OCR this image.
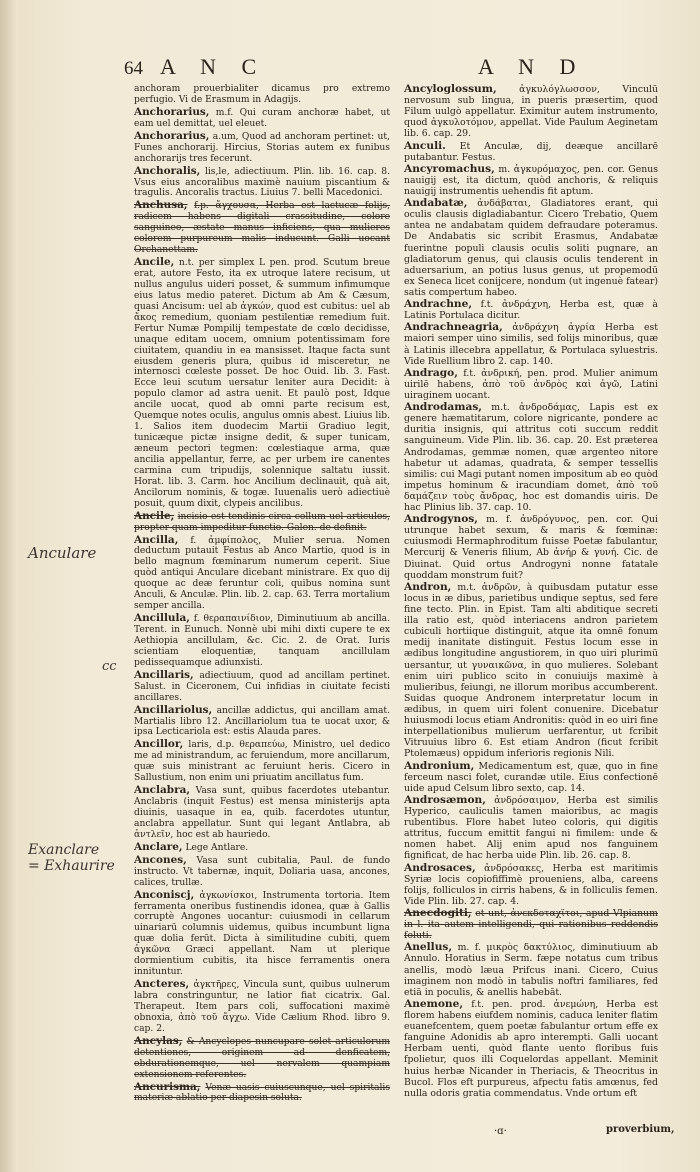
64 A N C	A N D
anchoram prouerbialiter dicamus pro extremo perfugio. Vi de Erasmum in Adagijs.
Anchorarius, m.f. Qui curam anchoræ habet, ut eam uel demittat, uel eleuet.
Anchorarius, a.um, Quod ad anchoram pertinet: ut, Funes anchorarij. Hircius, Storias autem ex funibus anchorarijs tres fecerunt.
Anchoralis, lis,le, adiectiuum. Plin. lib. 16. cap. 8. Vsus eius ancoralibus maximè nauium piscantium & tragulis. Ancoralis tractus. Liuius 7. belli Macedonici.
Anchusa, f.p. ἄγχουσα, Herba est lactucæ folijs, radicem habens digitali crassitudine, colore sanguineo, æstate manus inficiens, qua mulieres colorem purpureum malis inducunt. Galli uocant Orchanettam.
Ancile, n.t. per simplex L pen. prod. Scutum breue erat, autore Festo, ita ex utroque latere recisum, ut nullus angulus uideri posset, & summum infimumque eius latus medio pateret. Dictum ab Am & Cæsum, quasi Ancisum: uel ab ἀγκών, quod est cubitus: uel ab ἄκος remedium, quoniam pestilentiæ remedium fuit. Fertur Numæ Pompilij tempestate de cœlo decidisse, unaque editam uocem, omnium potentissimam fore ciuitatem, quandiu in ea mansisset. Itaque facta sunt eiusdem generis plura, quibus id misceretur, ne internosci cœleste posset. De hoc Ouid. lib. 3. Fast. Ecce leui scutum uersatur leniter aura Decidit: à populo clamor ad astra uenit. Et paulò post, Idque ancile uocat, quod ab omni parte recisum est, Quemque notes oculis, angulus omnis abest. Liuius lib. 1. Salios item duodecim Martii Gradiuo legit, tunicæque pictæ insigne dedit, & super tunicam, æneum pectori tegmen: cœlestiaque arma, quæ ancilia appellantur, ferre, ac per urbem ire canentes carmina cum tripudijs, solennique saltatu iussit. Horat. lib. 3. Carm. hoc Ancilium declinauit, quà ait, Ancilorum nominis, & togæ. Iuuenalis uerò adiectiuè posuit, quum dixit, clypeis ancilibus.
Ancile, incisio est tendinis circa collum uel articulos, propter quam impeditur functio. Galen. de definit.
Ancilla, f. ἀμφίπολος, Mulier serua. Nomen deductum putauit Festus ab Anco Martio, quod is in bello magnum fœminarum numerum ceperit. Siue quòd antiqui Anculare dicebant ministrare. Ex quo dij quoque ac deæ feruntur coli, quibus nomina sunt Anculi, & Anculæ. Plin. lib. 2. cap. 63. Terra mortalium semper ancilla.
Ancillula, f. θεραπαινίδιον, Diminutiuum ab ancilla. Terent. in Eunuch. Nonnè ubi mihi dixti cupere te ex Aethiopia ancillulam, &c. Cic. 2. de Orat. Iuris scientiam eloquentiæ, tanquam ancillulam pedissequamque adiunxisti.
Ancillaris, adiectiuum, quod ad ancillam pertinet. Salust. in Ciceronem, Cui infidias in ciuitate fecisti ancillares.
Ancillariolus, ancillæ addictus, qui ancillam amat. Martialis libro 12. Ancillariolum tua te uocat uxor, & ipsa Lecticariola est: estis Alauda pares.
Ancillor, laris, d.p. θεραπεύω, Ministro, uel dedico me ad ministrandum, ac feruiendum, more ancillarum, quæ suis ministrant ac feruiunt heris. Cicero in Sallustium, non enim uni priuatim ancillatus fum.
Anclabra, Vasa sunt, quibus facerdotes utebantur. Anclabris (inquit Festus) est mensa ministerijs apta diuinis, uasaque in ea, quib. facerdotes utuntur, anclabra appellatur. Sunt qui legant Antlabra, ab ἀντλεῖν, hoc est ab hauriedo.
Anclare, Lege Antlare.
Ancones, Vasa sunt cubitalia, Paul. de fundo instructo. Vt tabernæ, inquit, Doliaria uasa, ancones, calices, trullæ.
Anconiscj, ἀγκωνίσκοι, Instrumenta tortoria. Item ferramenta oneribus fustinendis idonea, quæ à Gallis corruptè Angones uocantur: cuiusmodi in cellarum uinariarū columnis uidemus, quibus incumbunt ligna quæ dolia ferūt. Dicta à similitudine cubiti, quem ἀγκῶνα Græci appellant. Nam ut plerique dormientium cubitis, ita hisce ferramentis onera innituntur.
Ancteres, ἀγκτῆρες, Vincula sunt, quibus uulnerum labra constringuntur, ne latior fiat cicatrix. Gal. Therapeut. Item pars coli, suffocationi maximè obnoxia, ἀπὸ τοῦ ἄγχω. Vide Cælium Rhod. libro 9. cap. 2.
Ancylas, & Ancyclopes nuncupare solet articulorum detentiones, originem ad denficatem, obdurationemque, uel nervalem quampiam extensionem referentes.
Ancurisma, Venæ uasis cuiuscunque, uel spiritalis materiæ ablatio per diapesin soluta.
Ancyloglossum, ἀγκυλόγλωσσον, Vinculū nervosum sub lingua, in pueris præsertim, quod Filum uulgò appellatur. Eximitur autem instrumento, quod ἀγκυλοτόμον, appellat. Vide Paulum Aeginetam lib. 6. cap. 29.
Anculi. Et Anculæ, dij, deæque ancillarē putabantur. Festus.
Ancyromachus, m. ἀγκυρόμαχος, pen. cor. Genus nauigij est, ita dictum, quòd anchoris, & reliquis nauigij instrumentis uehendis fit aptum.
Andabatæ, ἀνδάβαται, Gladiatores erant, qui oculis clausis digladiabantur. Cicero Trebatio, Quem antea ne andabatam quidem defraudare poteramus. De Andabatis sic scribit Erasmus, Andabatæ fuerintne populi clausis oculis soliti pugnare, an gladiatorum genus, qui clausis oculis tenderent in aduersarium, an potius lusus genus, ut propemodū ex Seneca licet conijcere, nondum (ut ingenuè fatear) satis compertum habeo.
Andrachne, f.t. ἀνδράχνη, Herba est, quæ à Latinis Portulaca dicitur.
Andrachneagria, ἀνδράχνη ἀγρία Herba est maiori semper uino similis, sed folijs minoribus, quæ à Latinis illecebra appellatur, & Portulaca syluestris. Vide Ruellium libro 2. cap. 140.
Andrago, f.t. ἀνδρική, pen. prod. Mulier animum uirilē habens, ἀπὸ τοῦ ἀνδρὸς καὶ ἀγῶ, Latini uiraginem uocant.
Androdamas, m.t. ἀνδροδάμας, Lapis est ex genere hæmatitarum, colore nigricante, pondere ac duritia insignis, qui attritus coti succum reddit sanguineum. Vide Plin. lib. 36. cap. 20. Est præterea Androdamas, gemmæ nomen, quæ argenteo nitore habetur ut adamas, quadrata, & semper tessellis similis: cui Magi putant nomen impositum ab eo quòd impetus hominum & iracundiam domet, ἀπὸ τοῦ δαμάζειν τοὺς ἄνδρας, hoc est domandis uiris. De hac Plinius lib. 37. cap. 10.
Androgynos, m. f. ἀνδρόγυνος, pen. cor. Qui utrunque habet sexum, & maris & fœminæ: cuiusmodi Hermaphroditum fuisse Poetæ fabulantur, Mercurij & Veneris filium, Ab ἀνήρ & γυνή. Cic. de Diuinat. Quid ortus Androgyni nonne fatatale quoddam monstrum fuit?
Andron, m.t. ἀνδρῶν, à quibusdam putatur esse locus in æ dibus, parietibus undique septus, sed fere fine tecto. Plin. in Epist. Tam alti abditique secreti illa ratio est, quòd interiacens andron parietem cubiculi hortiique distinguit, atque ita omnē fonum medij inanitate distinguit. Festus locum esse in ædibus longitudine angustiorem, in quo uiri plurimū uersantur, ut γυναικῶνα, in quo mulieres. Solebant enim uiri publico scito in conuiuijs maximè à mulieribus, feiungi, ne illorum moribus accumberent. Suidas quoque Andronem interpretatur locum in ædibus, in quem uiri folent conuenire. Dicebatur huiusmodi locus etiam Andronitis: quòd in eo uiri fine interpellationibus mulierum uerfarentur, ut fcribit Vitruuius libro 6. Est etiam Andron (ficut fcribit Ptolemæus) oppidum inferioris regionis Nili.
Andronium, Medicamentum est, quæ, quo in fine ferceum nasci folet, curandæ utile. Eius confectionē uide apud Celsum libro sexto, cap. 14.
Androsæmon, ἀνδρόσαιμον, Herba est similis Hyperico, cauliculis tamen maioribus, ac magis rubentibus. Flore habet luteo coloris, qui digitis attritus, fuccum emittit fangui ni fimilem: unde & nomen habet. Alij enim apud nos fanguinem fignificat, de hac herba uide Plin. lib. 26. cap. 8.
Androsaces, ἀνδρόσακες, Herba est maritimis Syriæ locis copiofiffimè proueniens, alba, careens folijs, folliculos in cirris habens, & in folliculis femen. Vide Plin. lib. 27. cap. 4.
Anecdogiti, et unt, ἀνεκδοταχϊτοι, apud Vlpianum in l. ita autem intelligendi, qui rationibus reddendis foluti.
Anellus, m. f. μικρὸς δακτύλιος, diminutiuum ab Annulo. Horatius in Serm. fæpe notatus cum tribus anellis, modò læua Prifcus inani. Cicero, Cuius imaginem non modò in tabulis noftri familiares, fed etiā in poculis, & anellis habebāt.
Anemone, f.t. pen. prod. ἀνεμώνη, Herba est florem habens eiufdem nominis, caduca leniter flatim euanefcentem, quem poetæ fabulantur ortum effe ex fanguine Adonidis ab apro interempti. Galli uocant Herbam uenti, quòd flante uento floribus fuis fpolietur, quos illi Coquelordas appellant. Meminit huius herbæ Nicander in Theriacis, & Theocritus in Bucol. Flos eft purpureus, afpectu fatis amœnus, fed nulla odoris gratia commendatus. Vnde ortum eft
Anculare
cc
Exanclare
= Exhaurire
·ɑ·	proverbium,
